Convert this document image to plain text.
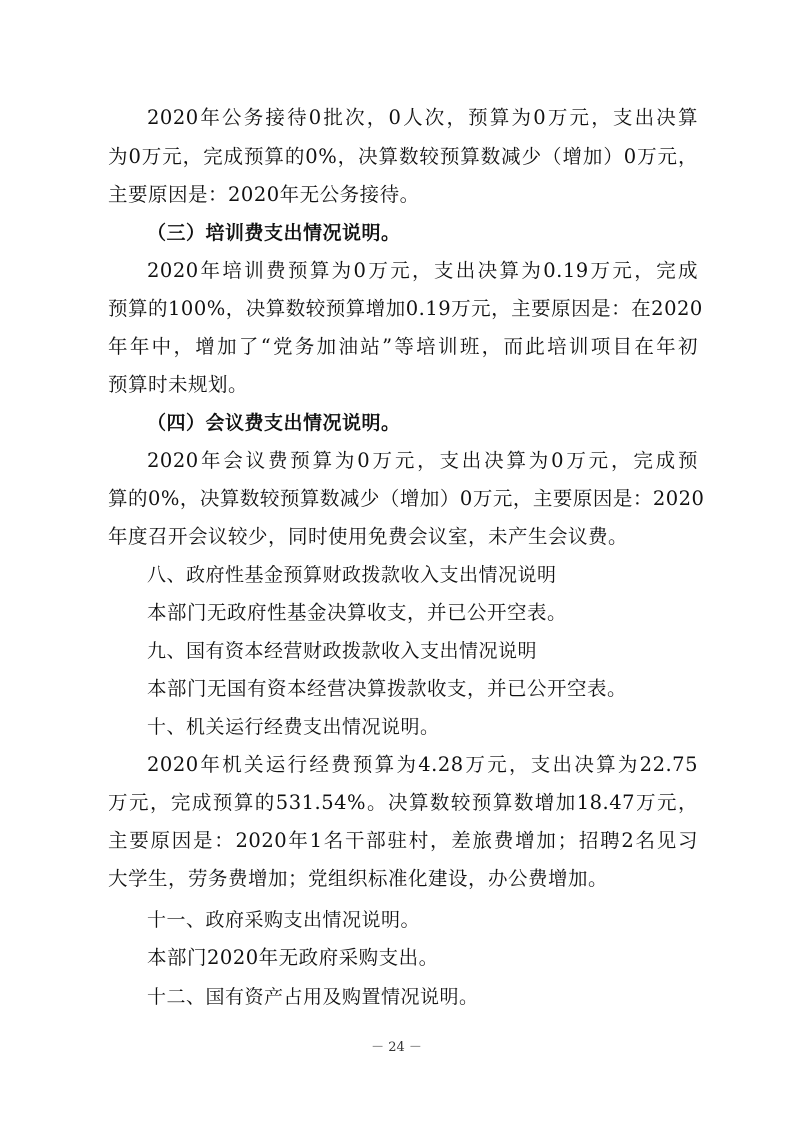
2020年公务接待0批次，0人次，预算为0万元，支出决算
为0万元，完成预算的0%，决算数较预算数减少（增加）0万元，
主要原因是：2020年无公务接待。
（三）培训费支出情况说明。
2020年培训费预算为0万元，支出决算为0.19万元，完成
预算的100%，决算数较预算增加0.19万元，主要原因是：在2020
年年中，增加了“党务加油站”等培训班，而此培训项目在年初
预算时未规划。
（四）会议费支出情况说明。
2020年会议费预算为0万元，支出决算为0万元，完成预
算的0%，决算数较预算数减少（增加）0万元，主要原因是：2020
年度召开会议较少，同时使用免费会议室，未产生会议费。
八、政府性基金预算财政拨款收入支出情况说明
本部门无政府性基金决算收支，并已公开空表。
九、国有资本经营财政拨款收入支出情况说明
本部门无国有资本经营决算拨款收支，并已公开空表。
十、机关运行经费支出情况说明。
2020年机关运行经费预算为4.28万元，支出决算为22.75
万元，完成预算的531.54%。决算数较预算数增加18.47万元，
主要原因是：2020年1名干部驻村，差旅费增加；招聘2名见习
大学生，劳务费增加；党组织标准化建设，办公费增加。
十一、政府采购支出情况说明。
本部门2020年无政府采购支出。
十二、国有资产占用及购置情况说明。
－ 24 －
